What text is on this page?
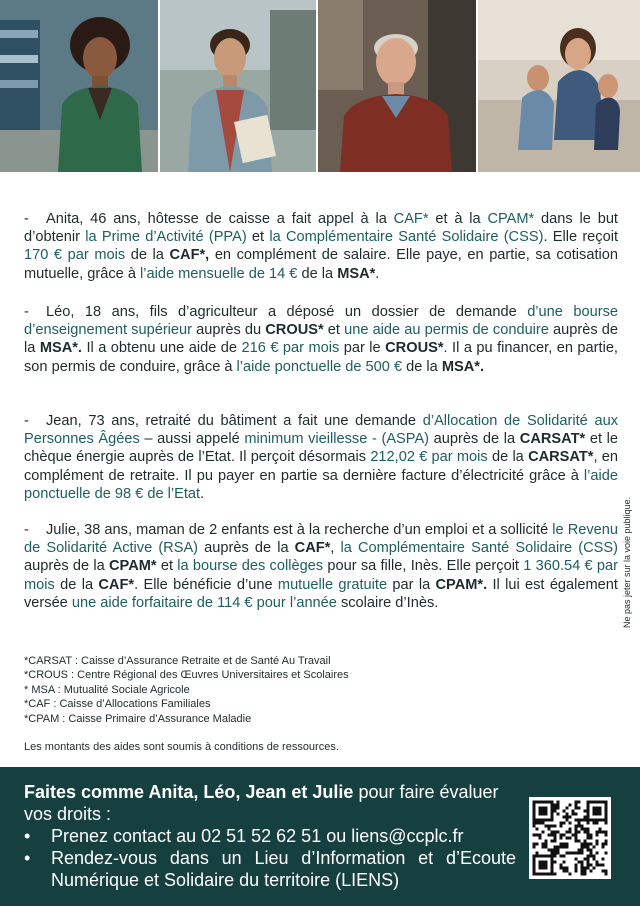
- Anita, 46 ans, hôtesse de caisse a fait appel à la CAF* et à la CPAM* dans le but d’obtenir la Prime d’Activité (PPA) et la Complémentaire Santé Solidaire (CSS). Elle reçoit 170 € par mois de la CAF*, en complément de salaire. Elle paye, en partie, sa cotisation mutuelle, grâce à l’aide mensuelle de 14 € de la MSA*.
- Léo, 18 ans, fils d’agriculteur a déposé un dossier de demande d’une bourse d’enseignement supérieur auprès du CROUS* et une aide au permis de conduire auprès de la MSA*. Il a obtenu une aide de 216 € par mois par le CROUS*. Il a pu financer, en partie, son permis de conduire, grâce à l’aide ponctuelle de 500 € de la MSA*.
- Jean, 73 ans, retraité du bâtiment a fait une demande d’Allocation de Solidarité aux Personnes Âgées – aussi appelé minimum vieillesse - (ASPA) auprès de la CARSAT* et le chèque énergie auprès de l’Etat. Il perçoit désormais 212,02 € par mois de la CARSAT*, en complément de retraite. Il pu payer en partie sa dernière facture d’électricité grâce à l’aide ponctuelle de 98 € de l’Etat.
- Julie, 38 ans, maman de 2 enfants est à la recherche d’un emploi et a sollicité le Revenu de Solidarité Active (RSA) auprès de la CAF*, la Complémentaire Santé Solidaire (CSS) auprès de la CPAM* et la bourse des collèges pour sa fille, Inès. Elle perçoit 1 360.54 € par mois de la CAF*. Elle bénéficie d’une mutuelle gratuite par la CPAM*. Il lui est également versée une aide forfaitaire de 114 € pour l’année scolaire d’Inès.	Ne pas jeter sur la voie publique.
*CARSAT : Caisse d’Assurance Retraite et de Santé Au Travail
*CROUS : Centre Régional des Œuvres Universitaires et Scolaires
* MSA : Mutualité Sociale Agricole
*CAF : Caisse d’Allocations Familiales
*CPAM : Caisse Primaire d’Assurance Maladie
Les montants des aides sont soumis à conditions de ressources.
Faites comme Anita, Léo, Jean et Julie pour faire évaluer vos droits :
• Prenez contact au 02 51 52 62 51 ou liens@ccplc.fr
• Rendez-vous dans un Lieu d’Information et d’Ecoute Numérique et Solidaire du territoire (LIENS)
